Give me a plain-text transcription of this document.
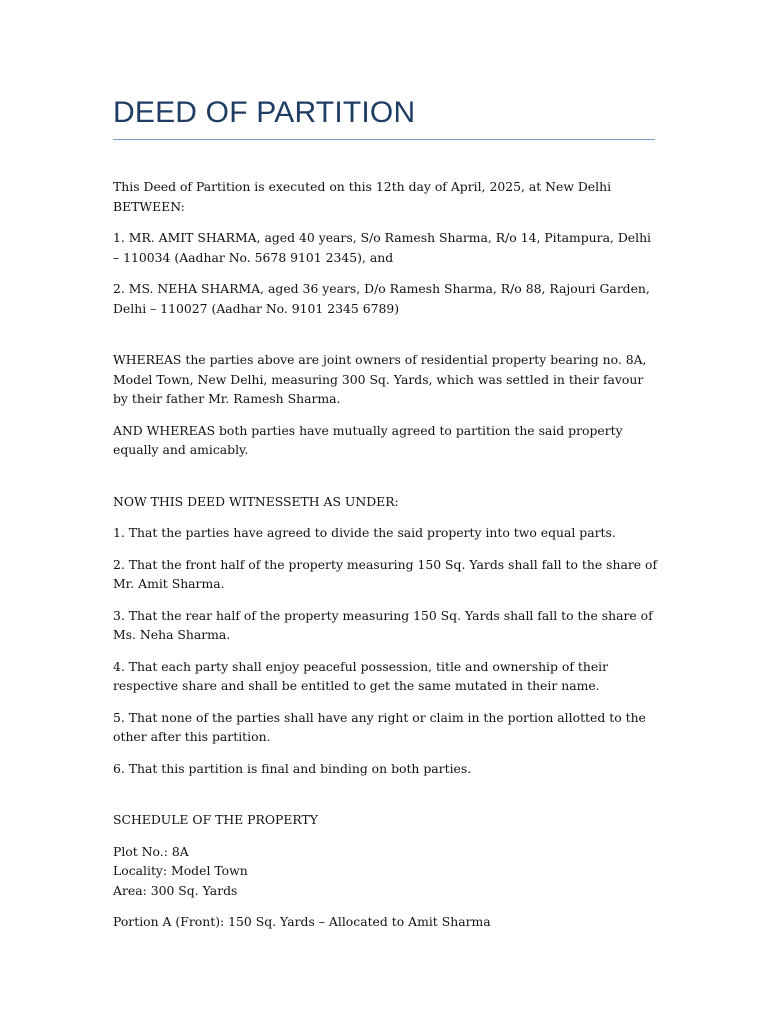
DEED OF PARTITION

This Deed of Partition is executed on this 12th day of April, 2025, at New Delhi BETWEEN:

1. MR. AMIT SHARMA, aged 40 years, S/o Ramesh Sharma, R/o 14, Pitampura, Delhi – 110034 (Aadhar No. 5678 9101 2345), and

2. MS. NEHA SHARMA, aged 36 years, D/o Ramesh Sharma, R/o 88, Rajouri Garden, Delhi – 110027 (Aadhar No. 9101 2345 6789)

WHEREAS the parties above are joint owners of residential property bearing no. 8A, Model Town, New Delhi, measuring 300 Sq. Yards, which was settled in their favour by their father Mr. Ramesh Sharma.

AND WHEREAS both parties have mutually agreed to partition the said property equally and amicably.

NOW THIS DEED WITNESSETH AS UNDER:

1. That the parties have agreed to divide the said property into two equal parts.

2. That the front half of the property measuring 150 Sq. Yards shall fall to the share of Mr. Amit Sharma.

3. That the rear half of the property measuring 150 Sq. Yards shall fall to the share of Ms. Neha Sharma.

4. That each party shall enjoy peaceful possession, title and ownership of their respective share and shall be entitled to get the same mutated in their name.

5. That none of the parties shall have any right or claim in the portion allotted to the other after this partition.

6. That this partition is final and binding on both parties.

SCHEDULE OF THE PROPERTY

Plot No.: 8A
Locality: Model Town
Area: 300 Sq. Yards

Portion A (Front): 150 Sq. Yards – Allocated to Amit Sharma
